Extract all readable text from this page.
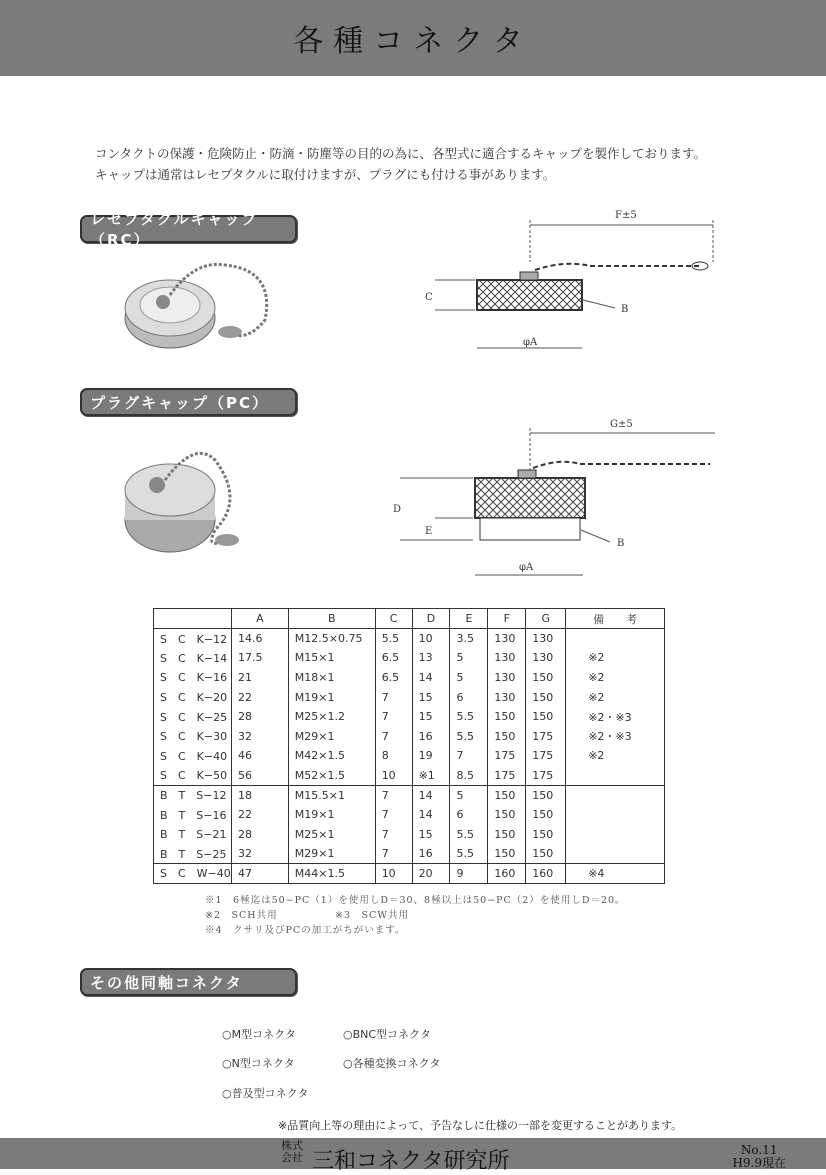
各種コネクタ
コンタクトの保護・危険防止・防滴・防塵等の目的の為に、各型式に適合するキャップを製作しております。
キャップは通常はレセプタクルに取付けますが、プラグにも付ける事があります。
レセプタクルキャップ（RC）
F±5
C
B
φA
プラグキャップ（PC）
G±5
D
E
B
φA
	A	B	C	D	E	F	G	備　　考
S　C　K−12	14.6	M12.5×0.75	5.5	10	3.5	130	130	
S　C　K−14	17.5	M15×1	6.5	13	5	130	130	※2
S　C　K−16	21	M18×1	6.5	14	5	130	150	※2
S　C　K−20	22	M19×1	7	15	6	130	150	※2
S　C　K−25	28	M25×1.2	7	15	5.5	150	150	※2・※3
S　C　K−30	32	M29×1	7	16	5.5	150	175	※2・※3
S　C　K−40	46	M42×1.5	8	19	7	175	175	※2
S　C　K−50	56	M52×1.5	10	※1	8.5	175	175	
B　T　S−12	18	M15.5×1	7	14	5	150	150	
B　T　S−16	22	M19×1	7	14	6	150	150	
B　T　S−21	28	M25×1	7	15	5.5	150	150	
B　T　S−25	32	M29×1	7	16	5.5	150	150	
S　C　W−40	47	M44×1.5	10	20	9	160	160	※4
※1　6極迄は50−PC（1）を使用しD＝30、8極以上は50−PC（2）を使用しD＝20。
※2　SCH共用	※3　SCW共用
※4　クサリ及びPCの加工がちがいます。
その他同軸コネクタ
○M型コネクタ	○BNC型コネクタ
○N型コネクタ	○各種変換コネクタ
○普及型コネクタ
※品質向上等の理由によって、予告なしに仕様の一部を変更することがあります。
株式会社 三和コネクタ研究所	No.11
H9.9現在
